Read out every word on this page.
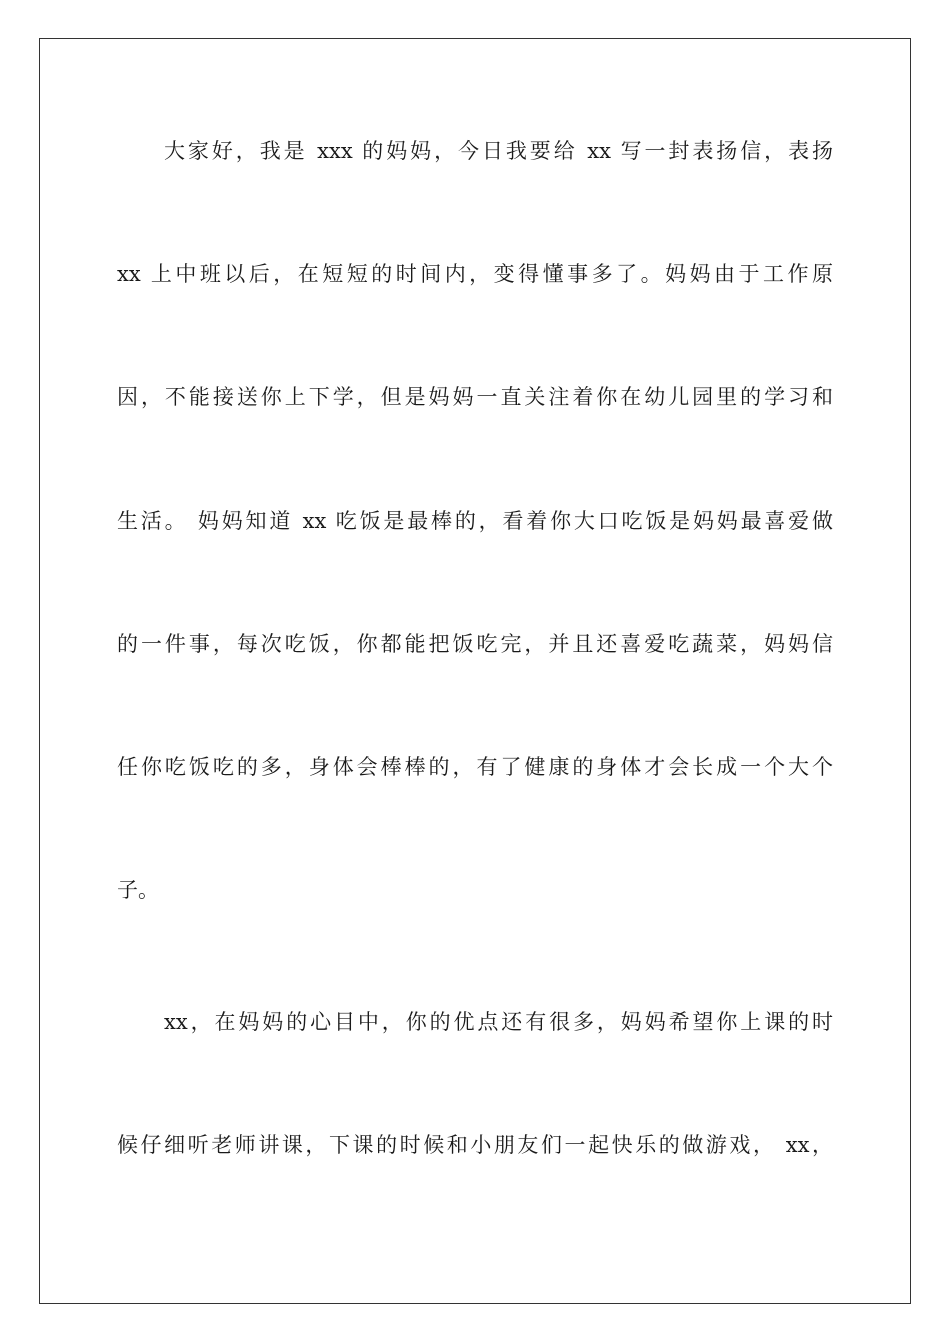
大家好，我是 xxx 的妈妈，今日我要给 xx 写一封表扬信，表扬
xx 上中班以后，在短短的时间内，变得懂事多了。妈妈由于工作原
因，不能接送你上下学，但是妈妈一直关注着你在幼儿园里的学习和
生活。 妈妈知道 xx 吃饭是最棒的，看着你大口吃饭是妈妈最喜爱做
的一件事，每次吃饭，你都能把饭吃完，并且还喜爱吃蔬菜，妈妈信
任你吃饭吃的多，身体会棒棒的，有了健康的身体才会长成一个大个
子。
xx，在妈妈的心目中，你的优点还有很多，妈妈希望你上课的时
候仔细听老师讲课，下课的时候和小朋友们一起快乐的做游戏， xx，
